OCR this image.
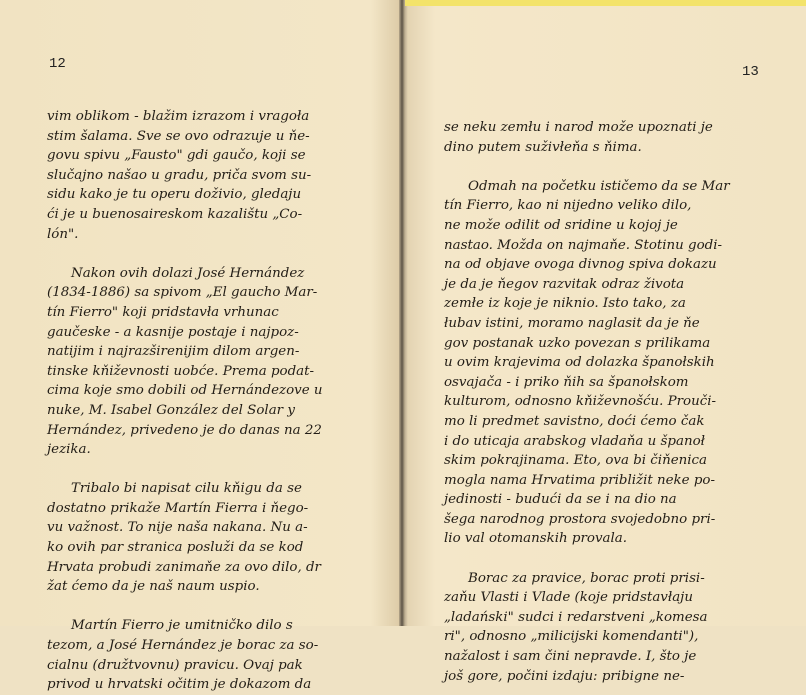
12
vim oblikom - blažim izrazom i vragoła
stim šalama. Sve se ovo odrazuje u ňe-
govu spivu „Fausto" gdi gaučo, koji se
slučajno našao u gradu, priča svom su-
sidu kako je tu operu doživio, gledaju
ći je u buenosaireskom kazalištu „Co-
lón".
Nakon ovih dolazi José Hernández
(1834-1886) sa spivom „El gaucho Mar-
tín Fierro" koji pridstavła vrhunac
gaučeske - a kasnije postaje i najpoz-
natijim i najrazširenijim dilom argen-
tinske kňiževnosti uobće. Prema podat-
cima koje smo dobili od Hernándezove u
nuke, M. Isabel González del Solar y
Hernández, privedeno je do danas na 22
jezika.
Tribalo bi napisat cilu kňigu da se
dostatno prikaže Martín Fierra i ňego-
vu važnost. To nije naša nakana. Nu a-
ko ovih par stranica posluži da se kod
Hrvata probudi zanimaňe za ovo dilo, dr
žat ćemo da je naš naum uspio.
Martín Fierro je umitničko dilo s
tezom, a José Hernández je borac za so-
cialnu (družtvovnu) pravicu. Ovaj pak
privod u hrvatski očitim je dokazom da
13
se neku zemłu i narod može upoznati je
dino putem suživłeňa s ňima.
Odmah na početku ističemo da se Mar
tín Fierro, kao ni nijedno veliko dilo,
ne može odilit od sridine u kojoj je
nastao. Možda on najmaňe. Stotinu godi-
na od objave ovoga divnog spiva dokazu
je da je ňegov razvitak odraz života
zemłe iz koje je niknio. Isto tako, za
łubav istini, moramo naglasit da je ňe
gov postanak uzko povezan s prilikama
u ovim krajevima od dolazka španołskih
osvajača - i priko ňih sa španołskom
kulturom, odnosno kňiževnošću. Prouči-
mo li predmet savistno, doći ćemo čak
i do uticaja arabskog vladaňa u španoł
skim pokrajinama. Eto, ova bi čiňenica
mogla nama Hrvatima približit neke po-
jedinosti - budući da se i na dio na
šega narodnog prostora svojedobno pri-
lio val otomanskih provala.
Borac za pravice, borac proti prisi-
zaňu Vlasti i Vlade (koje pridstavłaju
„ladański" sudci i redarstveni „komesa
ri", odnosno „milicijski komendanti"),
nažalost i sam čini nepravde. I, što je
još gore, počini izdaju: pribigne ne-
